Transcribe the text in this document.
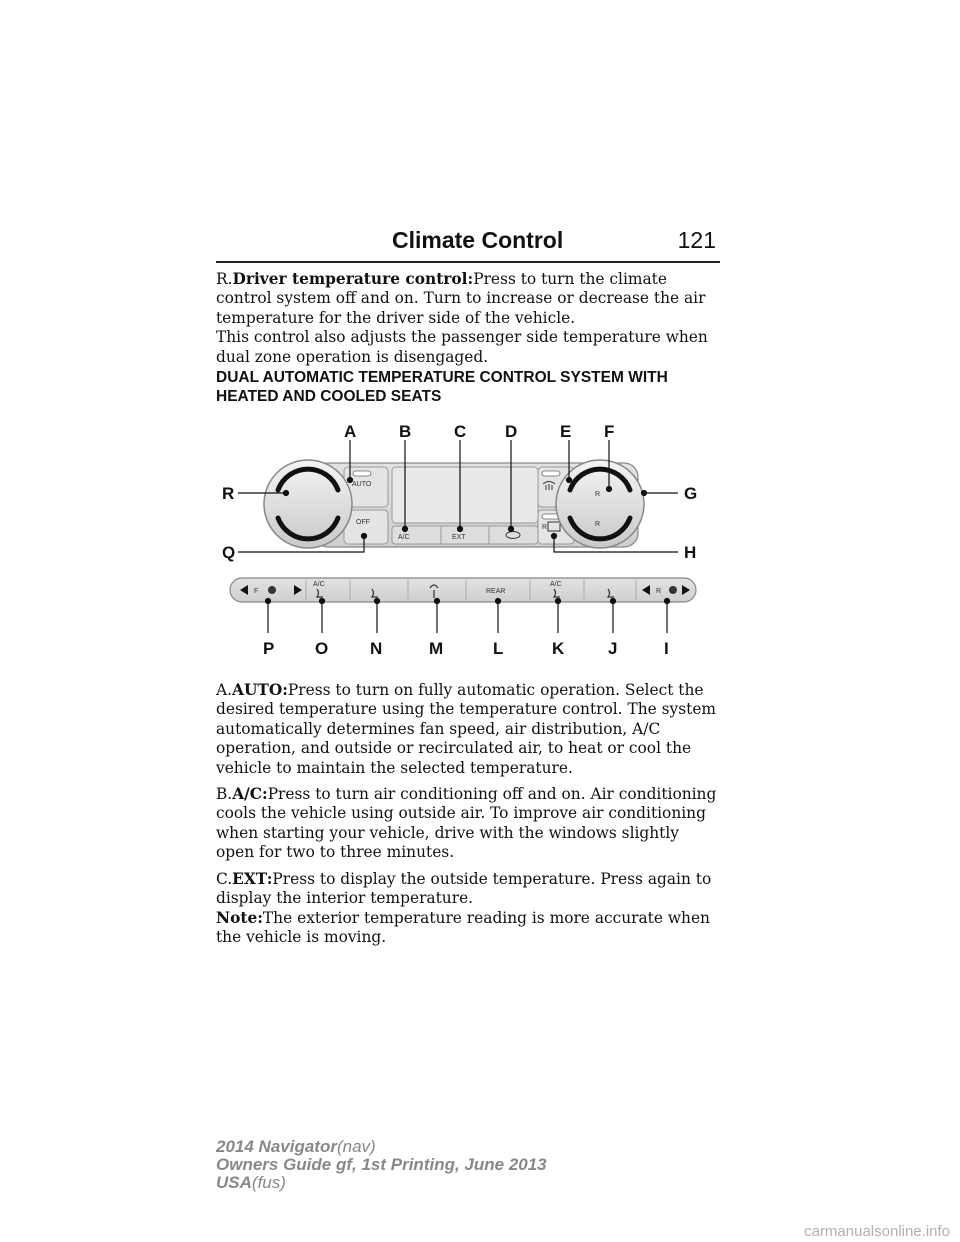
Climate Control	121
R.Driver temperature control:Press to turn the climate control system off and on. Turn to increase or decrease the air temperature for the driver side of the vehicle.
This control also adjusts the passenger side temperature when dual zone operation is disengaged.
DUAL AUTOMATIC TEMPERATURE CONTROL SYSTEM WITH HEATED AND COOLED SEATS
AUTO
OFF
A/C	EXT
R
R
R
F
A/C
REAR
A/C
R
A	B	C D	E F
R	G
Q	H
P O N	M	L	K	J	I
A.AUTO:Press to turn on fully automatic operation. Select the desired temperature using the temperature control. The system automatically determines fan speed, air distribution, A/C operation, and outside or recirculated air, to heat or cool the vehicle to maintain the selected temperature.
B.A/C:Press to turn air conditioning off and on. Air conditioning cools the vehicle using outside air. To improve air conditioning when starting your vehicle, drive with the windows slightly open for two to three minutes.
C.EXT:Press to display the outside temperature. Press again to display the interior temperature.
Note:The exterior temperature reading is more accurate when the vehicle is moving.
2014 Navigator(nav)
Owners Guide gf, 1st Printing, June 2013
USA(fus)
carmanualsonline.info
